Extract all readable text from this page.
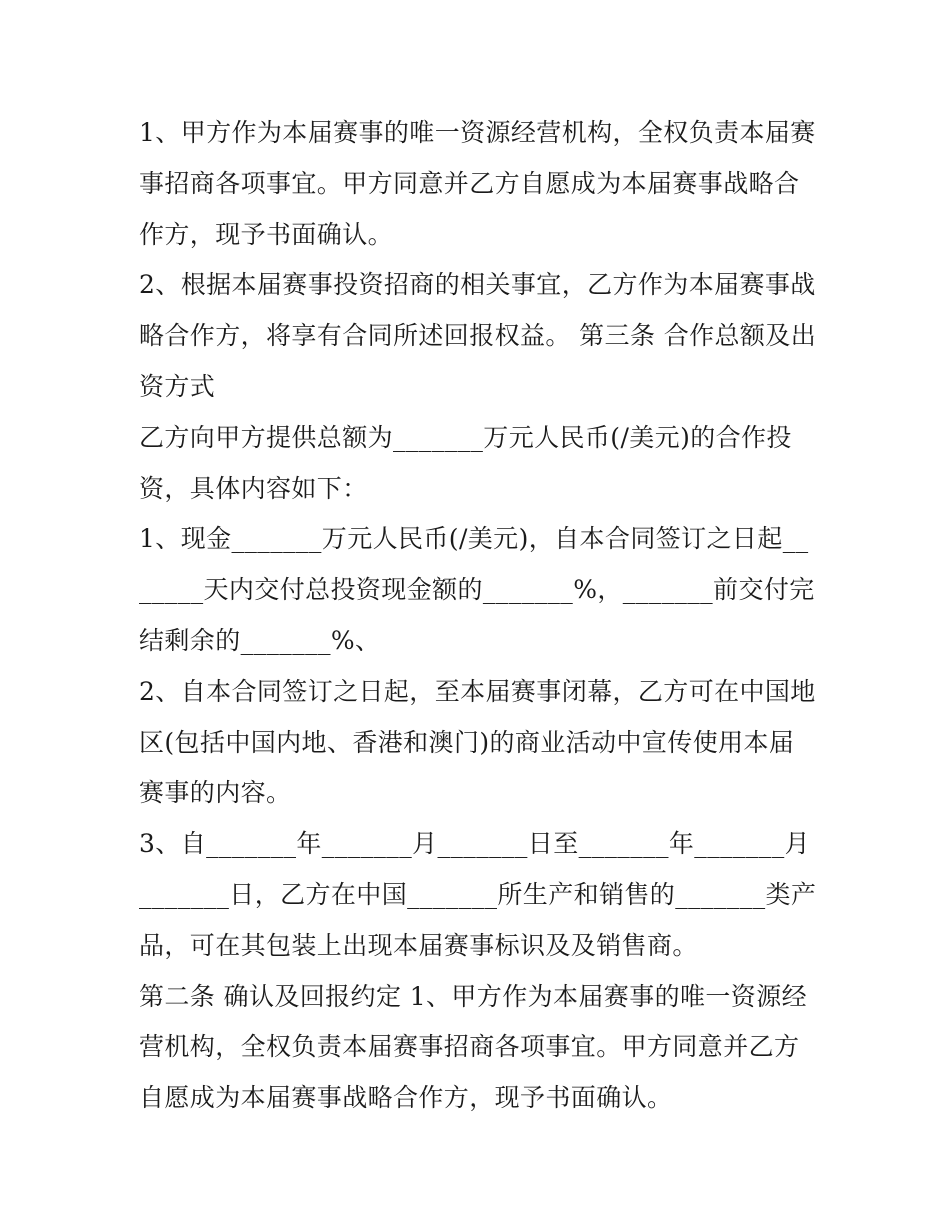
1、甲方作为本届赛事的唯一资源经营机构，全权负责本届赛事招商各项事宜。甲方同意并乙方自愿成为本届赛事战略合作方，现予书面确认。

2、根据本届赛事投资招商的相关事宜，乙方作为本届赛事战略合作方，将享有合同所述回报权益。 第三条 合作总额及出资方式

乙方向甲方提供总额为_______万元人民币(/美元)的合作投资，具体内容如下：

1、现金_______万元人民币(/美元)，自本合同签订之日起_______天内交付总投资现金额的_______%，_______前交付完结剩余的_______%、

2、自本合同签订之日起，至本届赛事闭幕，乙方可在中国地区(包括中国内地、香港和澳门)的商业活动中宣传使用本届赛事的内容。

3、自_______年_______月_______日至_______年_______月_______日，乙方在中国_______所生产和销售的_______类产品，可在其包装上出现本届赛事标识及及销售商。

第二条 确认及回报约定 1、甲方作为本届赛事的唯一资源经营机构，全权负责本届赛事招商各项事宜。甲方同意并乙方自愿成为本届赛事战略合作方，现予书面确认。
